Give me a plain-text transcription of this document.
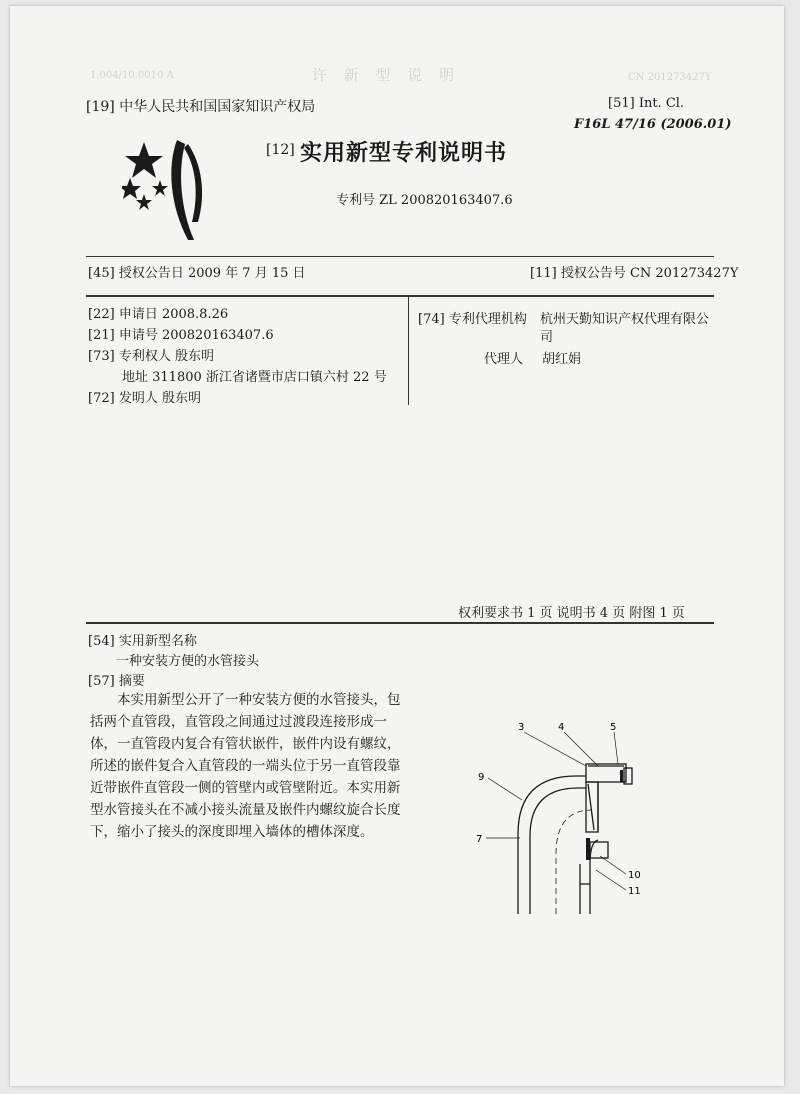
许 新 型 说 明
1.004/10.0010 A	CN 201273427Y
[19] 中华人民共和国国家知识产权局	[51] Int. Cl.
F16L 47/16 (2006.01)
[12] 实用新型专利说明书
专利号 ZL 200820163407.6
[45] 授权公告日 2009 年 7 月 15 日	[11] 授权公告号 CN 201273427Y
[22] 申请日 2008.8.26
[21] 申请号 200820163407.6
[73] 专利权人 殷东明
地址 311800 浙江省诸暨市店口镇六村 22 号
[72] 发明人 殷东明
[74] 专利代理机构 杭州天勤知识产权代理有限公
司
代理人 胡红娟
权利要求书 1 页 说明书 4 页 附图 1 页
[54] 实用新型名称
一种安装方便的水管接头
[57] 摘要

本实用新型公开了一种安装方便的水管接头，包括两个直管段，直管段之间通过过渡段连接形成一体，一直管段内复合有管状嵌件，嵌件内设有螺纹，所述的嵌件复合入直管段的一端头位于另一直管段靠近带嵌件直管段一侧的管壁内或管壁附近。本实用新型水管接头在不减小接头流量及嵌件内螺纹旋合长度下，缩小了接头的深度即埋入墙体的槽体深度。

3	4	5
9
7
10
11
